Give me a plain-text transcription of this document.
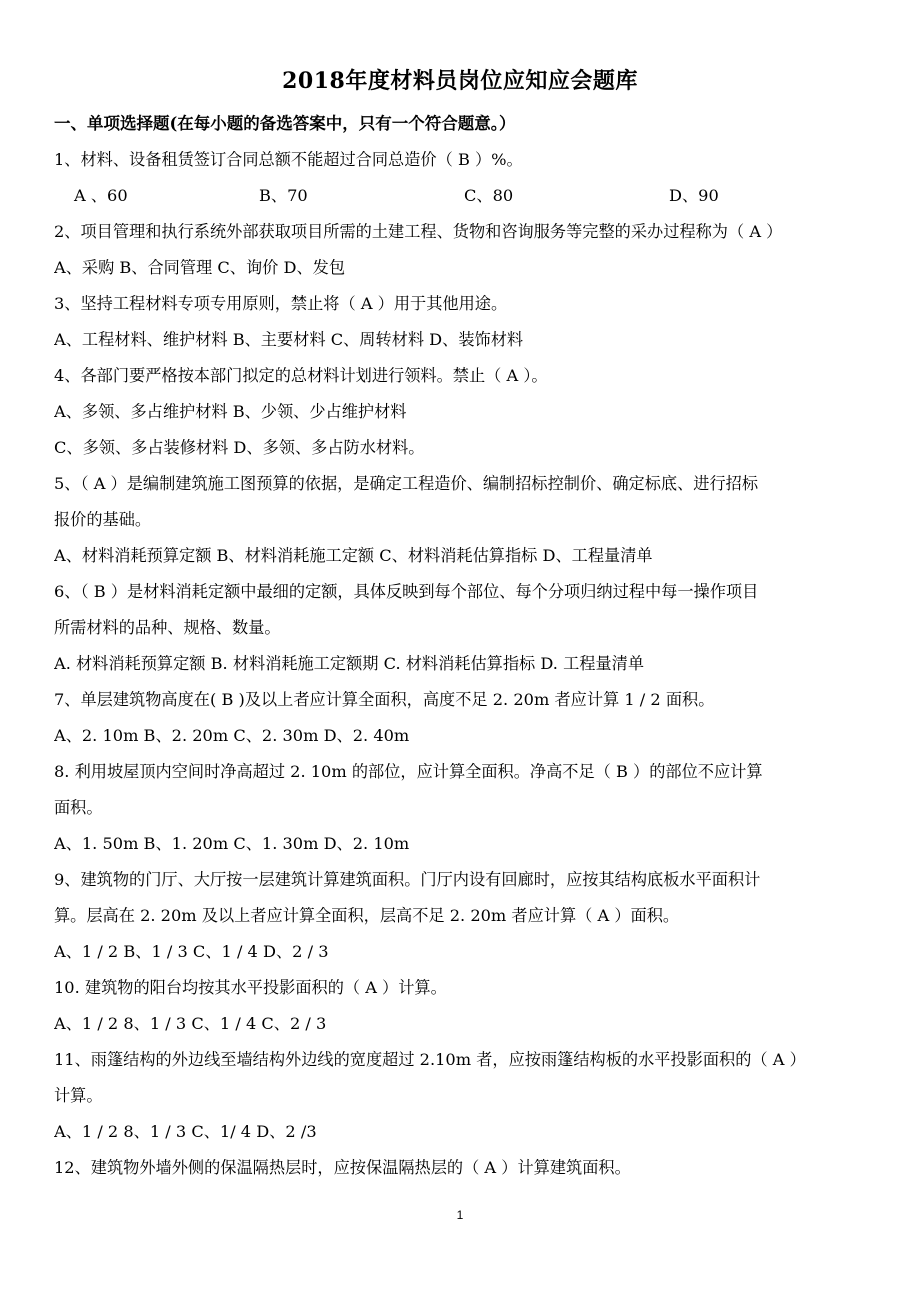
2018年度材料员岗位应知应会题库
一、单项选择题(在每小题的备选答案中，只有一个符合题意。）
1、材料、设备租赁签订合同总额不能超过合同总造价（ B ）%。
A 、60	B、70	C、80	D、90
2、项目管理和执行系统外部获取项目所需的土建工程、货物和咨询服务等完整的采办过程称为（ A ）
A、采购 B、合同管理 C、询价 D、发包
3、坚持工程材料专项专用原则，禁止将（ A ）用于其他用途。
A、工程材料、维护材料 B、主要材料 C、周转材料 D、装饰材料
4、各部门要严格按本部门拟定的总材料计划进行领料。禁止（ A ）。
A、多领、多占维护材料 B、少领、少占维护材料
C、多领、多占装修材料 D、多领、多占防水材料。
5、（ A ）是编制建筑施工图预算的依据，是确定工程造价、编制招标控制价、确定标底、进行招标
报价的基础。
A、材料消耗预算定额 B、材料消耗施工定额 C、材料消耗估算指标 D、工程量清单
6、（ B ）是材料消耗定额中最细的定额，具体反映到每个部位、每个分项归纳过程中每一操作项目
所需材料的品种、规格、数量。
A. 材料消耗预算定额 B. 材料消耗施工定额期 C. 材料消耗估算指标 D. 工程量清单
7、单层建筑物高度在( B )及以上者应计算全面积，高度不足 2. 20m 者应计算 1 / 2 面积。
A、2. 10m B、2. 20m C、2. 30m D、2. 40m
8. 利用坡屋顶内空间时净高超过 2. 10m 的部位，应计算全面积。净高不足（ B ）的部位不应计算
面积。
A、1. 50m B、1. 20m C、1. 30m D、2. 10m
9、建筑物的门厅、大厅按一层建筑计算建筑面积。门厅内设有回廊时，应按其结构底板水平面积计
算。层高在 2. 20m 及以上者应计算全面积，层高不足 2. 20m 者应计算（ A ）面积。
A、1 / 2 B、1 / 3 C、1 / 4 D、2 / 3
10. 建筑物的阳台均按其水平投影面积的（ A ）计算。
A、1 / 2 8、1 / 3 C、1 / 4 C、2 / 3
11、雨篷结构的外边线至墙结构外边线的宽度超过 2.10m 者，应按雨篷结构板的水平投影面积的（ A ）
计算。
A、1 / 2 8、1 / 3 C、1/ 4 D、2 /3
12、建筑物外墙外侧的保温隔热层时，应按保温隔热层的（ A ）计算建筑面积。
1
